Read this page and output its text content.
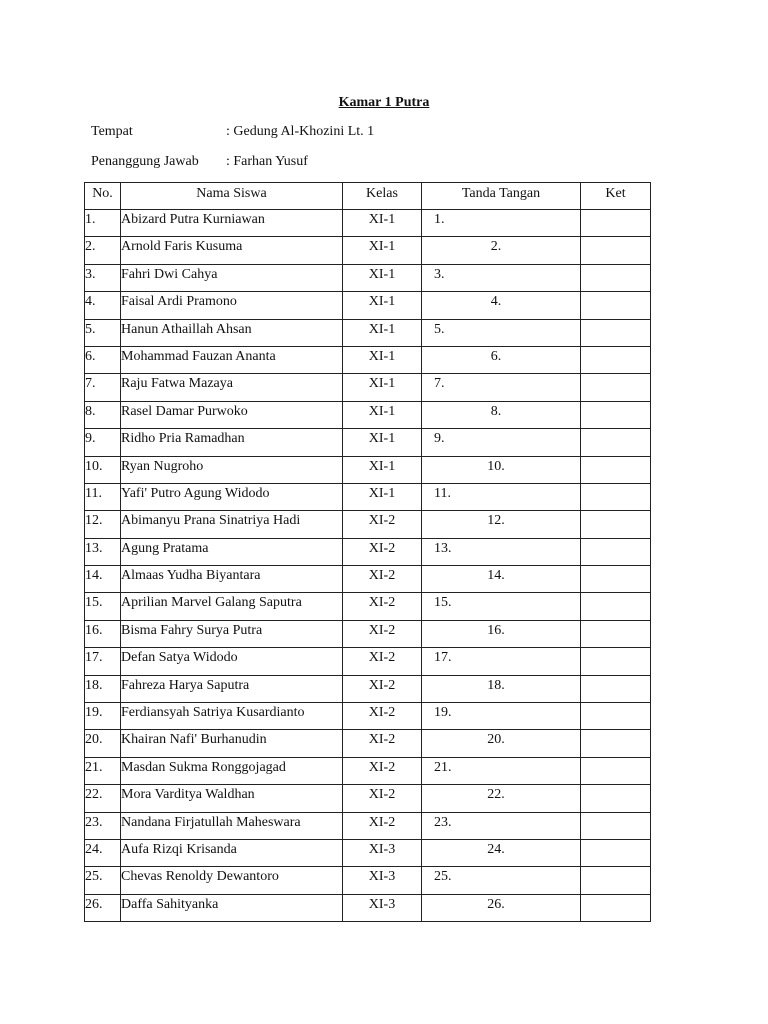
Kamar 1 Putra
Tempat	: Gedung Al-Khozini Lt. 1
Penanggung Jawab : Farhan Yusuf
No.	Nama Siswa	Kelas	Tanda Tangan	Ket
1.	Abizard Putra Kurniawan	XI-1	1.	
2.	Arnold Faris Kusuma	XI-1	2.	
3.	Fahri Dwi Cahya	XI-1	3.	
4.	Faisal Ardi Pramono	XI-1	4.	
5.	Hanun Athaillah Ahsan	XI-1	5.	
6.	Mohammad Fauzan Ananta	XI-1	6.	
7.	Raju Fatwa Mazaya	XI-1	7.	
8.	Rasel Damar Purwoko	XI-1	8.	
9.	Ridho Pria Ramadhan	XI-1	9.	
10.	Ryan Nugroho	XI-1	10.	
11.	Yafi' Putro Agung Widodo	XI-1	11.	
12.	Abimanyu Prana Sinatriya Hadi	XI-2	12.	
13.	Agung Pratama	XI-2	13.	
14.	Almaas Yudha Biyantara	XI-2	14.	
15.	Aprilian Marvel Galang Saputra	XI-2	15.	
16.	Bisma Fahry Surya Putra	XI-2	16.	
17.	Defan Satya Widodo	XI-2	17.	
18.	Fahreza Harya Saputra	XI-2	18.	
19.	Ferdiansyah Satriya Kusardianto	XI-2	19.	
20.	Khairan Nafi' Burhanudin	XI-2	20.	
21.	Masdan Sukma Ronggojagad	XI-2	21.	
22.	Mora Varditya Waldhan	XI-2	22.	
23.	Nandana Firjatullah Maheswara	XI-2	23.	
24.	Aufa Rizqi Krisanda	XI-3	24.	
25.	Chevas Renoldy Dewantoro	XI-3	25.	
26.	Daffa Sahityanka	XI-3	26.	
